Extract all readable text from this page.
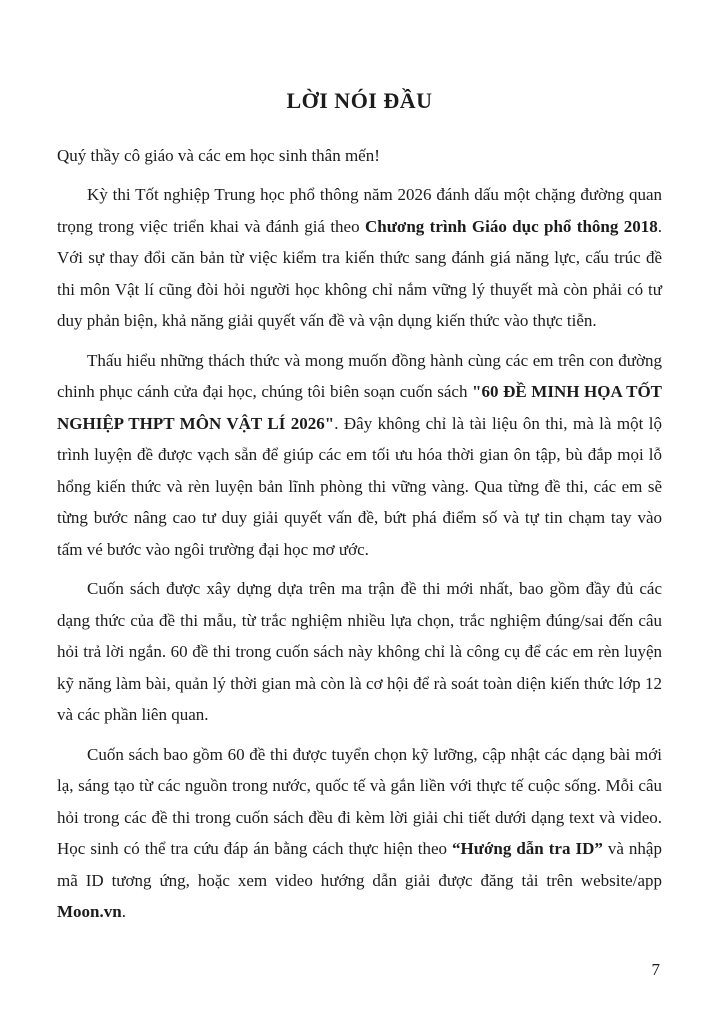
LỜI NÓI ĐẦU

Quý thầy cô giáo và các em học sinh thân mến!

Kỳ thi Tốt nghiệp Trung học phổ thông năm 2026 đánh dấu một chặng đường quan trọng trong việc triển khai và đánh giá theo Chương trình Giáo dục phổ thông 2018. Với sự thay đổi căn bản từ việc kiểm tra kiến thức sang đánh giá năng lực, cấu trúc đề thi môn Vật lí cũng đòi hỏi người học không chỉ nắm vững lý thuyết mà còn phải có tư duy phản biện, khả năng giải quyết vấn đề và vận dụng kiến thức vào thực tiễn.

Thấu hiểu những thách thức và mong muốn đồng hành cùng các em trên con đường chinh phục cánh cửa đại học, chúng tôi biên soạn cuốn sách "60 ĐỀ MINH HỌA TỐT NGHIỆP THPT MÔN VẬT LÍ 2026". Đây không chỉ là tài liệu ôn thi, mà là một lộ trình luyện đề được vạch sẵn để giúp các em tối ưu hóa thời gian ôn tập, bù đắp mọi lỗ hổng kiến thức và rèn luyện bản lĩnh phòng thi vững vàng. Qua từng đề thi, các em sẽ từng bước nâng cao tư duy giải quyết vấn đề, bứt phá điểm số và tự tin chạm tay vào tấm vé bước vào ngôi trường đại học mơ ước.

Cuốn sách được xây dựng dựa trên ma trận đề thi mới nhất, bao gồm đầy đủ các dạng thức của đề thi mẫu, từ trắc nghiệm nhiều lựa chọn, trắc nghiệm đúng/sai đến câu hỏi trả lời ngắn. 60 đề thi trong cuốn sách này không chỉ là công cụ để các em rèn luyện kỹ năng làm bài, quản lý thời gian mà còn là cơ hội để rà soát toàn diện kiến thức lớp 12 và các phần liên quan.

Cuốn sách bao gồm 60 đề thi được tuyển chọn kỹ lưỡng, cập nhật các dạng bài mới lạ, sáng tạo từ các nguồn trong nước, quốc tế và gắn liền với thực tế cuộc sống. Mỗi câu hỏi trong các đề thi trong cuốn sách đều đi kèm lời giải chi tiết dưới dạng text và video. Học sinh có thể tra cứu đáp án bằng cách thực hiện theo “Hướng dẫn tra ID” và nhập mã ID tương ứng, hoặc xem video hướng dẫn giải được đăng tải trên website/app Moon.vn.

7
